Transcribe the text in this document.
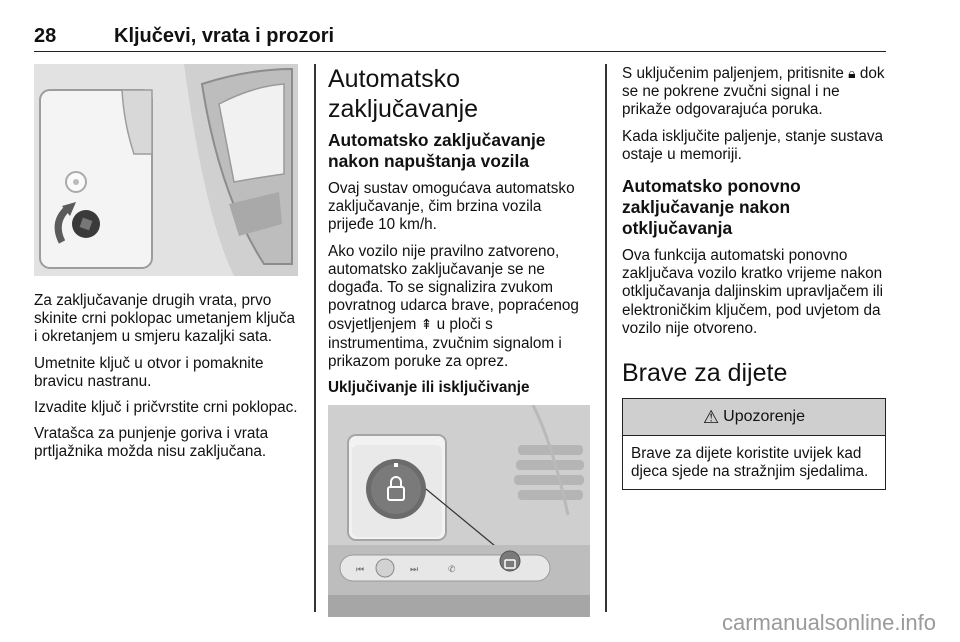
28	Ključevi, vrata i prozori

Za zaključavanje drugih vrata, prvo skinite crni poklopac umetanjem ključa i okretanjem u smjeru kazaljki sata.

Umetnite ključ u otvor i pomaknite bravicu nastranu.

Izvadite ključ i pričvrstite crni poklopac.

Vratašca za punjenje goriva i vrata prtljažnika možda nisu zaključana.

Automatsko zaključavanje
Automatsko zaključavanje nakon napuštanja vozila

Ovaj sustav omogućava automatsko zaključavanje, čim brzina vozila prijeđe 10 km/h.

Ako vozilo nije pravilno zatvoreno, automatsko zaključavanje se ne događa. To se signalizira zvukom povratnog udarca brave, popraćenog osvjetljenjem ⇞ u ploči s instrumentima, zvučnim signalom i prikazom poruke za oprez.

Uključivanje ili isključivanje
⏮	⏭	✆

S uključenim paljenjem, pritisnite 🔒︎ dok se ne pokrene zvučni signal i ne prikaže odgovarajuća poruka.

Kada isključite paljenje, stanje sustava ostaje u memoriji.

Automatsko ponovno zaključavanje nakon otključavanja

Ova funkcija automatski ponovno zaključava vozilo kratko vrijeme nakon otključavanja daljinskim upravljačem ili elektroničkim ključem, pod uvjetom da vozilo nije otvoreno.

Brave za dijete
⚠ Upozorenje

Brave za dijete koristite uvijek kad djeca sjede na stražnjim sjedalima.

carmanualsonline.info
